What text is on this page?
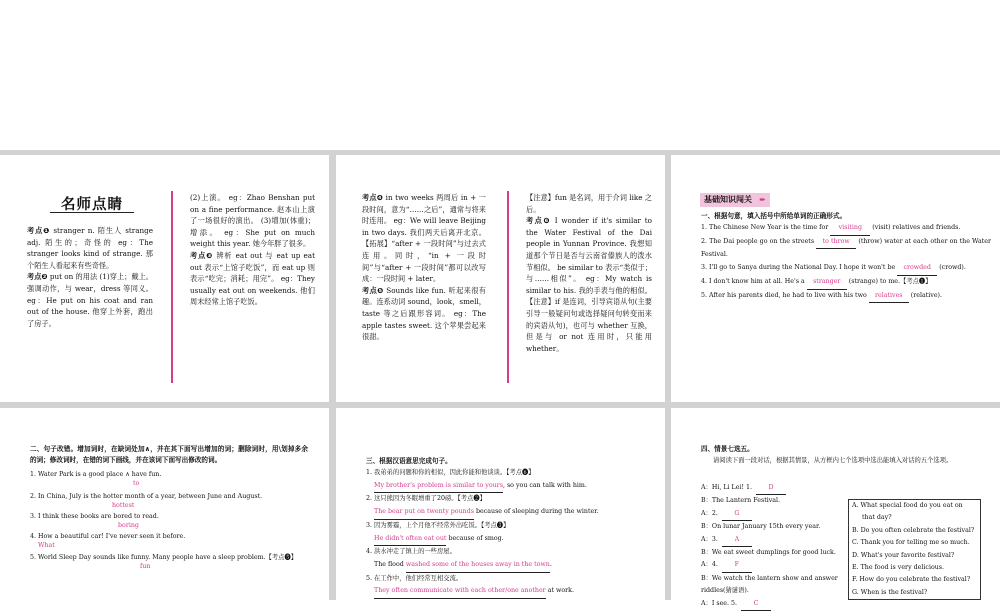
名师点睛

考点❶ stranger n. 陌生人 strange adj. 陌生的；奇怪的 eg：The stranger looks kind of strange. 那个陌生人看起来有些奇怪。

考点❷ put on 的用法 (1)穿上；戴上。强调动作，与 wear，dress 等同义。 eg：He put on his coat and ran out of the house. 他穿上外套，跑出了房子。

(2)上演。 eg：Zhao Benshan put on a fine performance. 赵本山上演了一场很好的演出。 (3)增加(体重)；增添。 eg：She put on much weight this year. 她今年胖了很多。

考点❸ 辨析 eat out 与 eat up eat out 表示“上馆子吃饭”，而 eat up 则表示“吃完；消耗；用完”。 eg：They usually eat out on weekends. 他们周末经常上馆子吃饭。

考点❹ in two weeks 两周后 in + 一段时间，意为“……之后”，通常与将来时连用。 eg：We will leave Beijing in two days. 我们两天后离开北京。 【拓展】“after + 一段时间”与过去式连用。同时，“in + 一段时间”与“after + 一段时间”都可以改写成：一段时间 + later。

考点❺ Sounds like fun. 听起来很有趣。连系动词 sound，look，smell，taste 等之后跟形容词。 eg：The apple tastes sweet. 这个苹果尝起来很甜。

【注意】fun 是名词，用于介词 like 之后。

考点❻ I wonder if it's similar to the Water Festival of the Dai people in Yunnan Province. 我想知道那个节日是否与云南省傣族人的泼水节相似。 be similar to 表示“类似于；与……相似”。 eg：My watch is similar to his. 我的手表与他的相似。 【注意】if 是连词，引导宾语从句(主要引导一般疑问句或选择疑问句转变而来的宾语从句)，也可与 whether 互换，但是与 or not 连用时，只能用 whether。

基础知识闯关 ➨

一、根据句意，填入括号中所给单词的正确形式。

1. The Chinese New Year is the time for visiting (visit) relatives and friends.

2. The Dai people go on the streets to throw (throw) water at each other on the Water Festival.

3. I'll go to Sanya during the National Day. I hope it won't be crowded (crowd).

4. I don't know him at all. He's a stranger (strange) to me.【考点❶】

5. After his parents died, he had to live with his two relatives (relative).

二、句子改错。增加词时，在缺词处加∧，并在其下面写出增加的词；删除词时，用\划掉多余的词；修改词时，在错的词下画线，并在该词下面写出修改的词。

1. Water Park is a good place ∧ have fun.
to
2. In China, July is the hotter month of a year, between June and August.
hottest
3. I think these books are bored to read.
boring
4. How a beautiful car! I've never seen it before.
What
5. World Sleep Day sounds like funny. Many people have a sleep problem.【考点❺】
fun

三、根据汉语意思完成句子。

1. 我弟弟的问题和你的相似，因此你能和他谈谈。【考点❻】

My brother's problem is similar to yours, so you can talk with him.

2. 这只熊因为冬眠增重了20磅。【考点❷】

The bear put on twenty pounds because of sleeping during the winter.

3. 因为雾霾，上个月他不经常外出吃饭。【考点❸】

He didn't often eat out because of smog.

4. 洪水冲走了镇上的一些房屋。

The flood washed some of the houses away in the town.

5. 在工作中，他们经常互相交流。

They often communicate with each other/one another at work.

四、情景七选五。

请阅读下面一段对话，根据其情景，从方框内七个选项中选出能填入对话的五个选项。

A：Hi, Li Lei! 1.	D

B：The Lantern Festival.

A：2.	G

B：On lunar January 15th every year.

A：3.	A

B：We eat sweet dumplings for good luck.

A：4.	F

B：We watch the lantern show and answer

riddles(猜谜语).

A：I see. 5.	C

A. What special food do you eat on
that day?
B. Do you often celebrate the festival?
C. Thank you for telling me so much.
D. What's your favorite festival?
E. The food is very delicious.
F. How do you celebrate the festival?
G. When is the festival?
